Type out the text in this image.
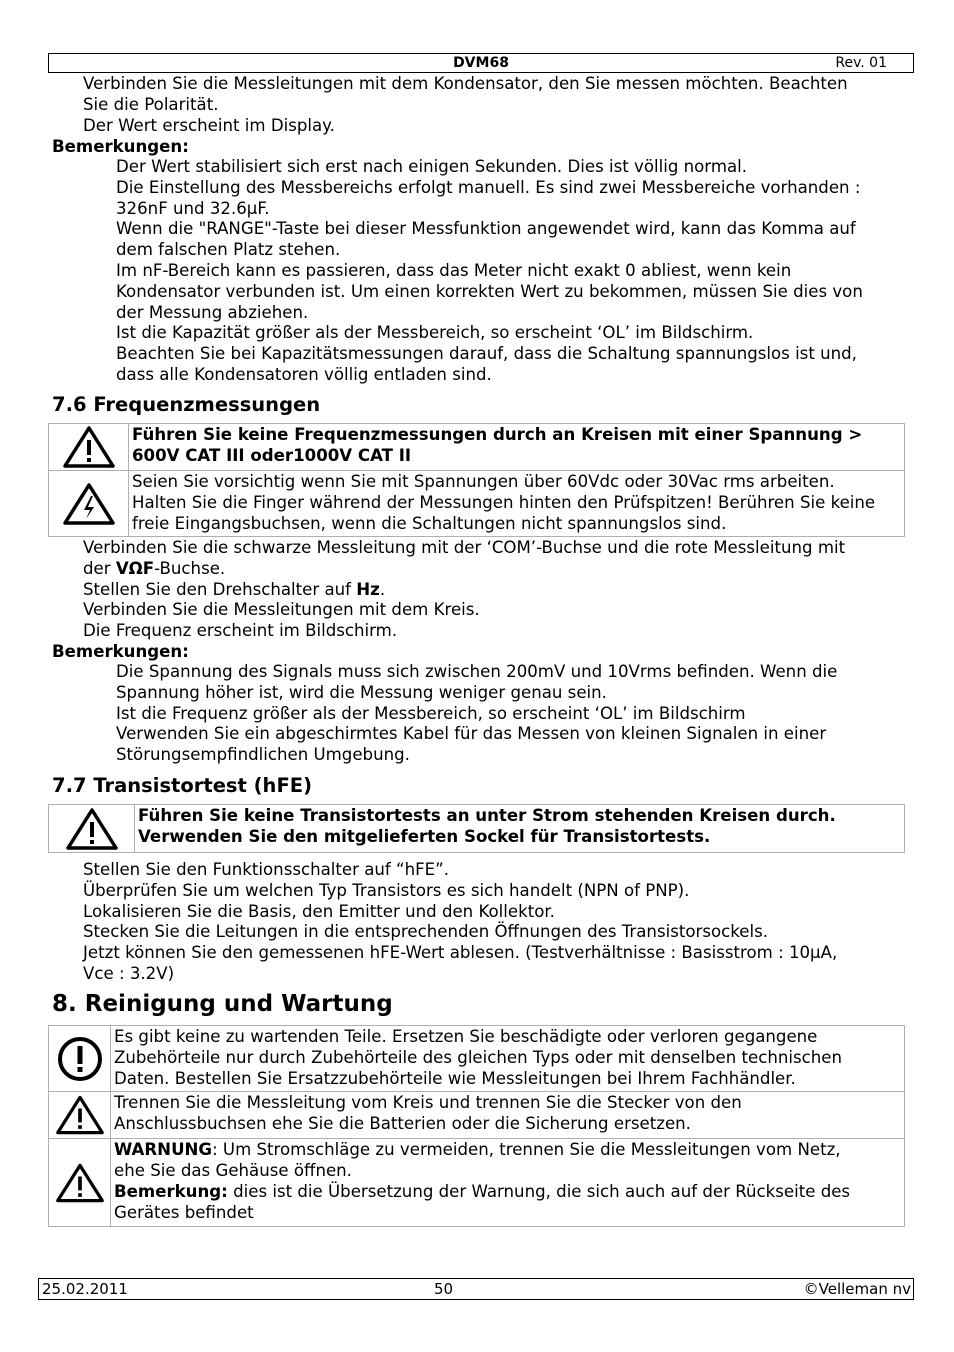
DVM68	Rev. 01
Verbinden Sie die Messleitungen mit dem Kondensator, den Sie messen möchten. Beachten
Sie die Polarität.
Der Wert erscheint im Display.
Bemerkungen:
Der Wert stabilisiert sich erst nach einigen Sekunden. Dies ist völlig normal.
Die Einstellung des Messbereichs erfolgt manuell. Es sind zwei Messbereiche vorhanden :
326nF und 32.6µF.
Wenn die "RANGE"-Taste bei dieser Messfunktion angewendet wird, kann das Komma auf
dem falschen Platz stehen.
Im nF-Bereich kann es passieren, dass das Meter nicht exakt 0 abliest, wenn kein
Kondensator verbunden ist. Um einen korrekten Wert zu bekommen, müssen Sie dies von
der Messung abziehen.
Ist die Kapazität größer als der Messbereich, so erscheint ‘OL’ im Bildschirm.
Beachten Sie bei Kapazitätsmessungen darauf, dass die Schaltung spannungslos ist und,
dass alle Kondensatoren völlig entladen sind.
7.6 Frequenzmessungen

Führen Sie keine Frequenzmessungen durch an Kreisen mit einer Spannung >
600V CAT III oder1000V CAT II

Seien Sie vorsichtig wenn Sie mit Spannungen über 60Vdc oder 30Vac rms arbeiten.
Halten Sie die Finger während der Messungen hinten den Prüfspitzen! Berühren Sie keine
freie Eingangsbuchsen, wenn die Schaltungen nicht spannungslos sind.
Verbinden Sie die schwarze Messleitung mit der ‘COM’-Buchse und die rote Messleitung mit
der VΩF-Buchse.
Stellen Sie den Drehschalter auf Hz.
Verbinden Sie die Messleitungen mit dem Kreis.
Die Frequenz erscheint im Bildschirm.
Bemerkungen:
Die Spannung des Signals muss sich zwischen 200mV und 10Vrms befinden. Wenn die
Spannung höher ist, wird die Messung weniger genau sein.
Ist die Frequenz größer als der Messbereich, so erscheint ‘OL’ im Bildschirm
Verwenden Sie ein abgeschirmtes Kabel für das Messen von kleinen Signalen in einer
Störungsempfindlichen Umgebung.
7.7 Transistortest (hFE)

Führen Sie keine Transistortests an unter Strom stehenden Kreisen durch.
Verwenden Sie den mitgelieferten Sockel für Transistortests.
Stellen Sie den Funktionsschalter auf “hFE”.
Überprüfen Sie um welchen Typ Transistors es sich handelt (NPN of PNP).
Lokalisieren Sie die Basis, den Emitter und den Kollektor.
Stecken Sie die Leitungen in die entsprechenden Öffnungen des Transistorsockels.
Jetzt können Sie den gemessenen hFE-Wert ablesen. (Testverhältnisse : Basisstrom : 10µA,
Vce : 3.2V)
8. Reinigung und Wartung

Es gibt keine zu wartenden Teile. Ersetzen Sie beschädigte oder verloren gegangene
Zubehörteile nur durch Zubehörteile des gleichen Typs oder mit denselben technischen
Daten. Bestellen Sie Ersatzzubehörteile wie Messleitungen bei Ihrem Fachhändler.

Trennen Sie die Messleitung vom Kreis und trennen Sie die Stecker von den
Anschlussbuchsen ehe Sie die Batterien oder die Sicherung ersetzen.

WARNUNG: Um Stromschläge zu vermeiden, trennen Sie die Messleitungen vom Netz,
ehe Sie das Gehäuse öffnen.
Bemerkung: dies ist die Übersetzung der Warnung, die sich auch auf der Rückseite des
Gerätes befindet
25.02.2011	50	©Velleman nv
